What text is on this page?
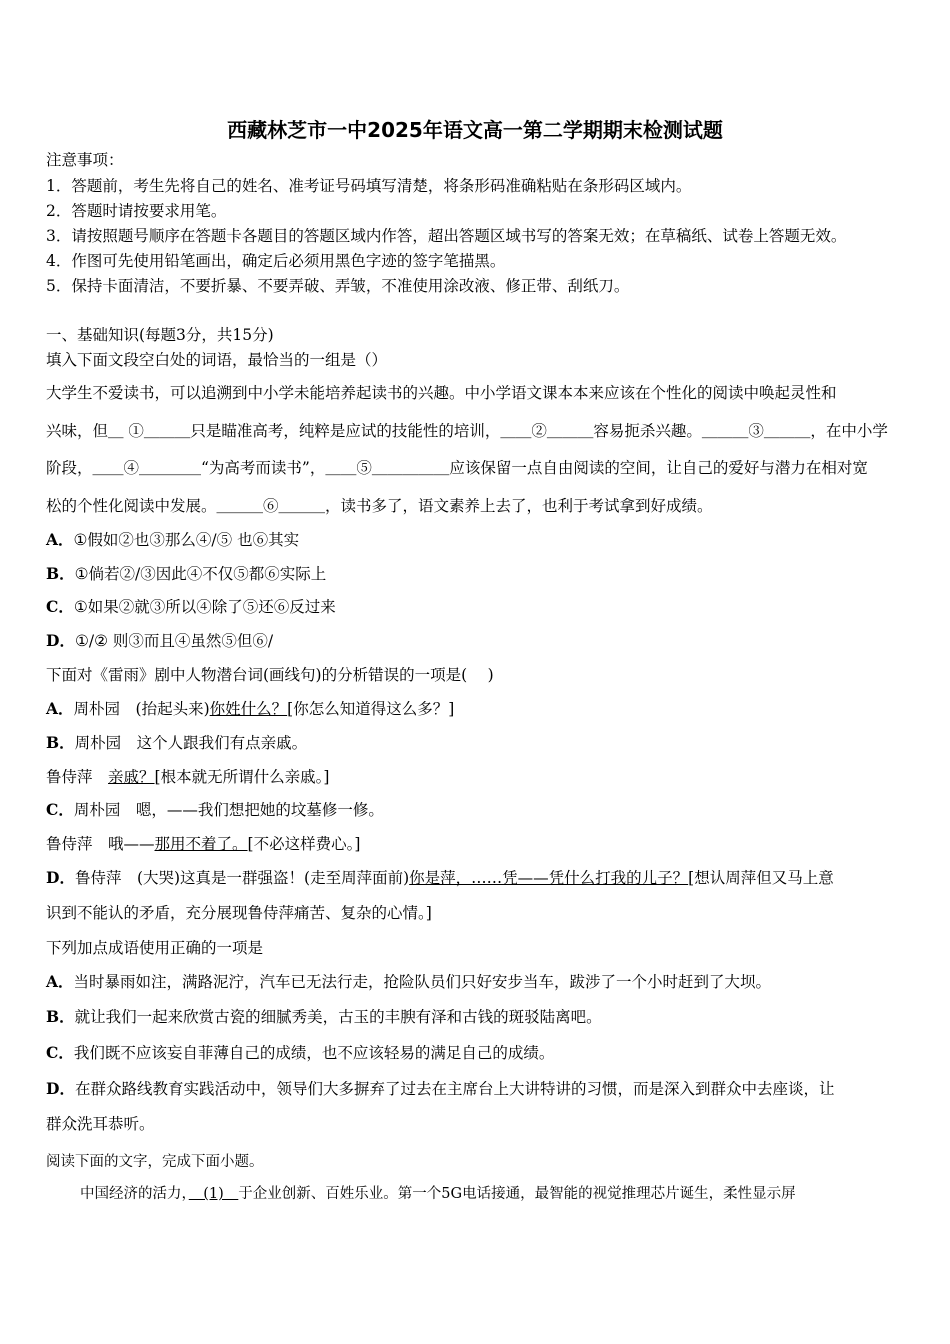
西藏林芝市一中2025年语文高一第二学期期末检测试题
注意事项：
1．答题前，考生先将自己的姓名、准考证号码填写清楚，将条形码准确粘贴在条形码区域内。
2．答题时请按要求用笔。
3．请按照题号顺序在答题卡各题目的答题区域内作答，超出答题区域书写的答案无效；在草稿纸、试卷上答题无效。
4．作图可先使用铅笔画出，确定后必须用黑色字迹的签字笔描黑。
5．保持卡面清洁，不要折暴、不要弄破、弄皱，不准使用涂改液、修正带、刮纸刀。
一、基础知识(每题3分，共15分)
填入下面文段空白处的词语，最恰当的一组是（）
大学生不爱读书，可以追溯到中小学未能培养起读书的兴趣。中小学语文课本本来应该在个性化的阅读中唤起灵性和
兴味，但＿ ①＿＿＿只是瞄准高考，纯粹是应试的技能性的培训，＿＿②＿＿＿容易扼杀兴趣。＿＿＿③＿＿＿，在中小学
阶段，＿＿④＿＿＿＿“为高考而读书”，＿＿⑤＿＿＿＿＿应该保留一点自由阅读的空间，让自己的爱好与潜力在相对宽
松的个性化阅读中发展。＿＿＿⑥＿＿＿，读书多了，语文素养上去了，也利于考试拿到好成绩。
A．①假如②也③那么④/⑤ 也⑥其实
B．①倘若②/③因此④不仅⑤都⑥实际上
C．①如果②就③所以④除了⑤还⑥反过来
D．①/② 则③而且④虽然⑤但⑥/
下面对《雷雨》剧中人物潜台词(画线句)的分析错误的一项是(　 )
A．周朴园　(抬起头来)你姓什么？[你怎么知道得这么多？]
B．周朴园　这个人跟我们有点亲戚。
鲁侍萍　亲戚？[根本就无所谓什么亲戚。]
C．周朴园　嗯，——我们想把她的坟墓修一修。
鲁侍萍　哦——那用不着了。[不必这样费心。]
D．鲁侍萍　(大哭)这真是一群强盗！(走至周萍面前)你是萍，……凭——凭什么打我的儿子？[想认周萍但又马上意
识到不能认的矛盾，充分展现鲁侍萍痛苦、复杂的心情。]
下列加点成语使用正确的一项是
A．当时暴雨如注，满路泥泞，汽车已无法行走，抢险队员们只好安步当车，跋涉了一个小时赶到了大坝。
B．就让我们一起来欣赏古瓷的细腻秀美，古玉的丰腴有泽和古钱的斑驳陆离吧。
C．我们既不应该妄自菲薄自己的成绩，也不应该轻易的满足自己的成绩。
D．在群众路线教育实践活动中，领导们大多摒弃了过去在主席台上大讲特讲的习惯，而是深入到群众中去座谈，让
群众洗耳恭听。
阅读下面的文字，完成下面小题。
中国经济的活力，　(1)　于企业创新、百姓乐业。第一个5G电话接通，最智能的视觉推理芯片诞生，柔性显示屏
